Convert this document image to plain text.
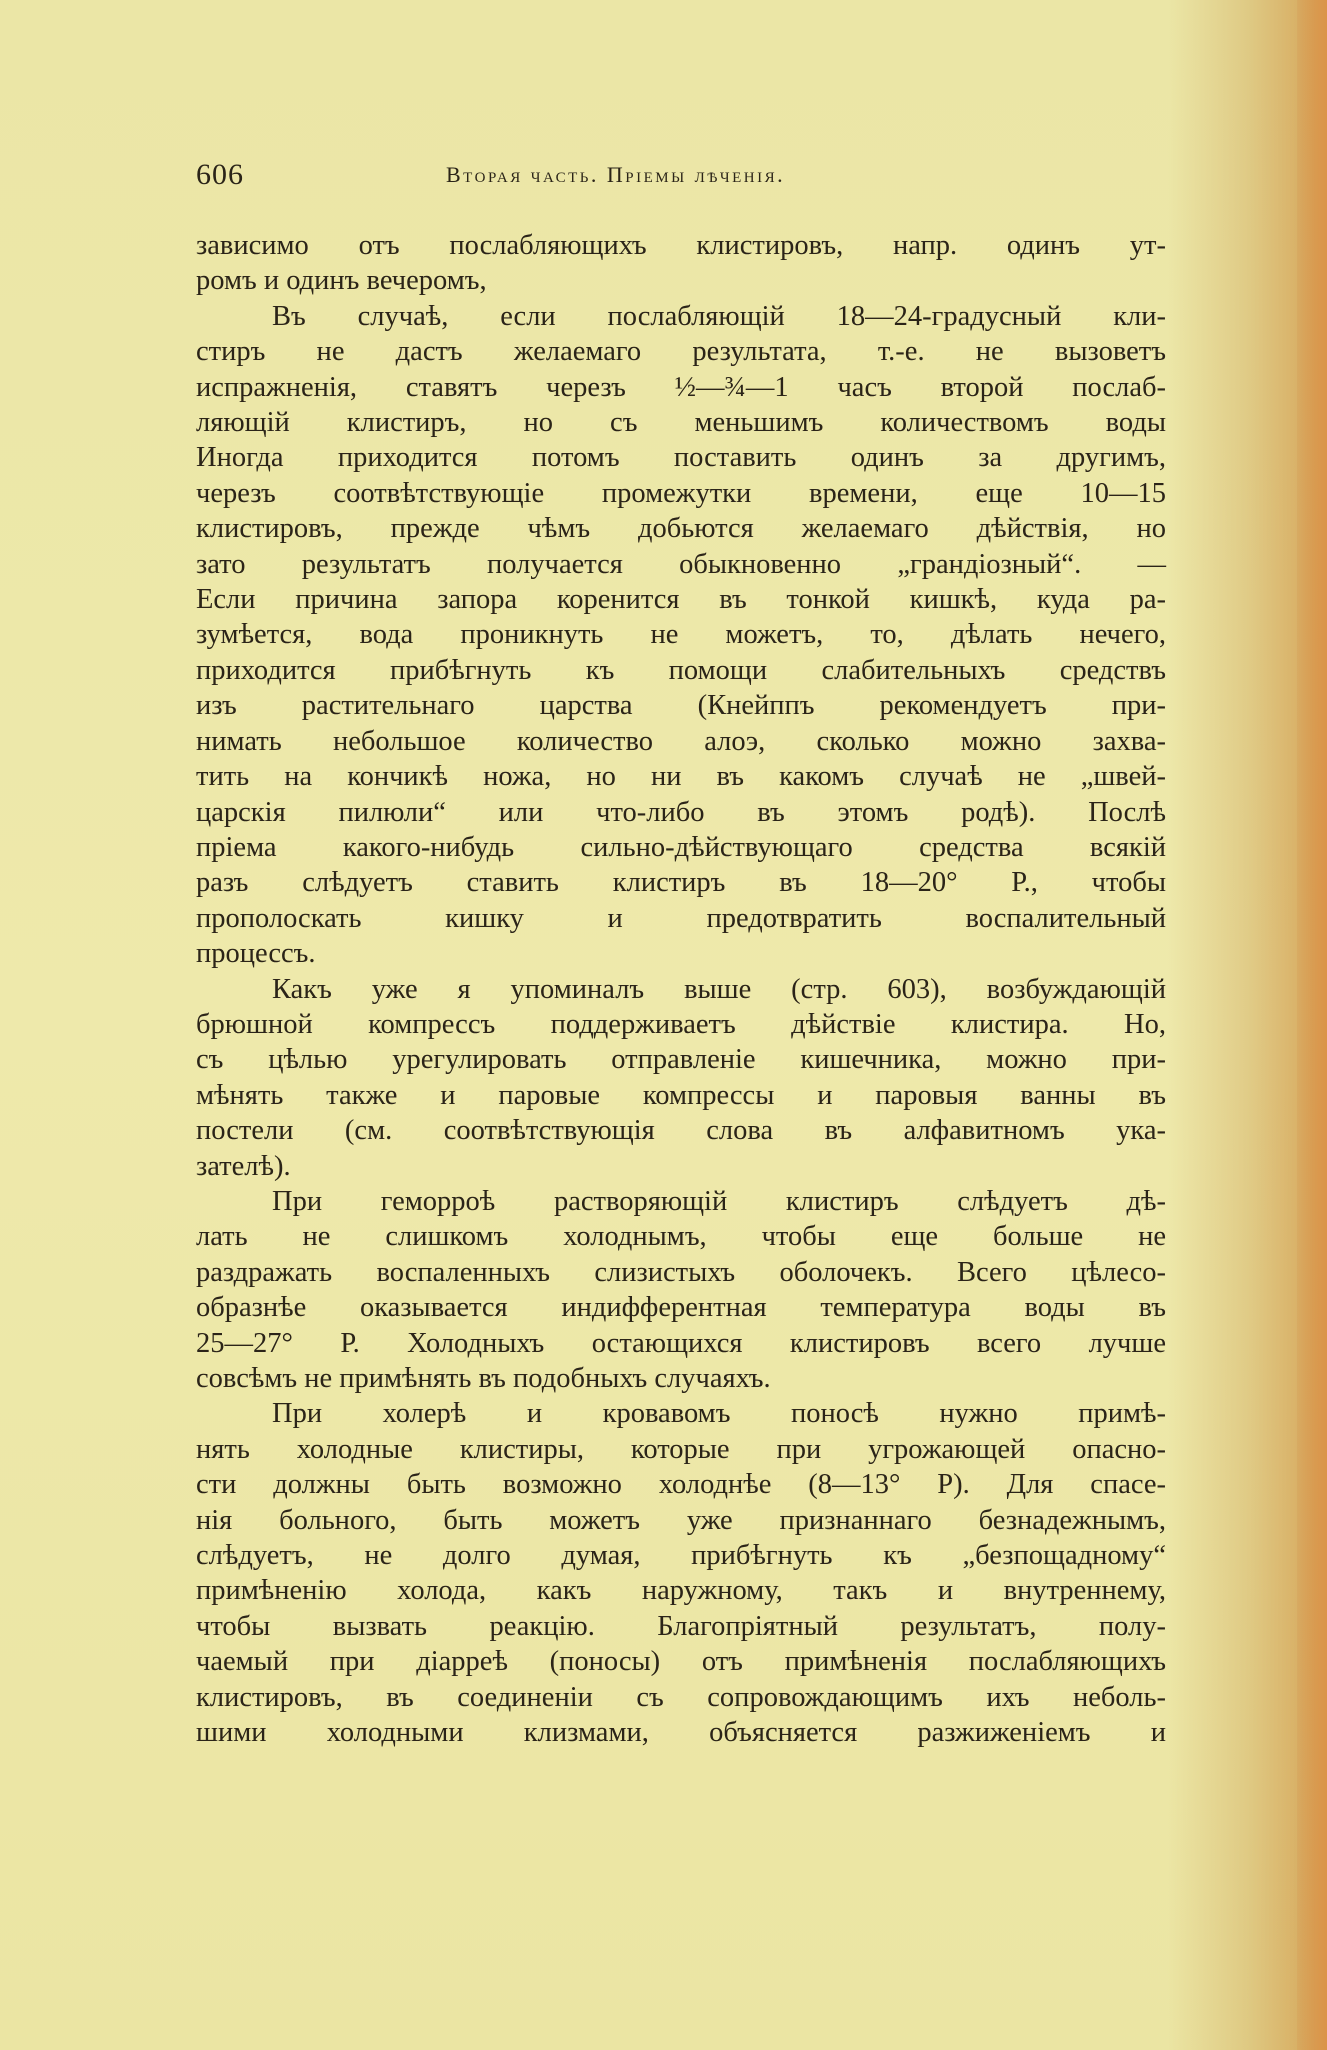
606	Вторая часть. Пріемы лѣченія.
зависимо отъ послабляющихъ клистировъ, напр. одинъ ут-
ромъ и одинъ вечеромъ,
Въ случаѣ, если послабляющій 18—24-градусный кли-
стиръ не дастъ желаемаго результата, т.-е. не вызоветъ
испражненія, ставятъ черезъ ½—¾—1 часъ второй послаб-
ляющій клистиръ, но съ меньшимъ количествомъ воды
Иногда приходится потомъ поставить одинъ за другимъ,
черезъ соотвѣтствующіе промежутки времени, еще 10—15
клистировъ, прежде чѣмъ добьются желаемаго дѣйствія, но
зато результатъ получается обыкновенно „грандіозный“. —
Если причина запора коренится въ тонкой кишкѣ, куда ра-
зумѣется, вода проникнуть не можетъ, то, дѣлать нечего,
приходится прибѣгнуть къ помощи слабительныхъ средствъ
изъ растительнаго царства (Кнейппъ рекомендуетъ при-
нимать небольшое количество алоэ, сколько можно захва-
тить на кончикѣ ножа, но ни въ какомъ случаѣ не „швей-
царскія пилюли“ или что-либо въ этомъ родѣ). Послѣ
пріема какого-нибудь сильно-дѣйствующаго средства всякій
разъ слѣдуетъ ставить клистиръ въ 18—20° Р., чтобы
прополоскать кишку и предотвратить воспалительный
процессъ.
Какъ уже я упоминалъ выше (стр. 603), возбуждающій
брюшной компрессъ поддерживаетъ дѣйствіе клистира. Но,
съ цѣлью урегулировать отправленіе кишечника, можно при-
мѣнять также и паровые компрессы и паровыя ванны въ
постели (см. соотвѣтствующія слова въ алфавитномъ ука-
зателѣ).
При геморроѣ растворяющій клистиръ слѣдуетъ дѣ-
лать не слишкомъ холоднымъ, чтобы еще больше не
раздражать воспаленныхъ слизистыхъ оболочекъ. Всего цѣлесо-
образнѣе оказывается индифферентная температура воды въ
25—27° Р. Холодныхъ остающихся клистировъ всего лучше
совсѣмъ не примѣнять въ подобныхъ случаяхъ.
При холерѣ и кровавомъ поносѣ нужно примѣ-
нять холодные клистиры, которые при угрожающей опасно-
сти должны быть возможно холоднѣе (8—13° Р). Для спасе-
нія больного, быть можетъ уже признаннаго безнадежнымъ,
слѣдуетъ, не долго думая, прибѣгнуть къ „безпощадному“
примѣненію холода, какъ наружному, такъ и внутреннему,
чтобы вызвать реакцію. Благопріятный результатъ, полу-
чаемый при діарреѣ (поносы) отъ примѣненія послабляющихъ
клистировъ, въ соединеніи съ сопровождающимъ ихъ неболь-
шими холодными клизмами, объясняется разжиженіемъ и
